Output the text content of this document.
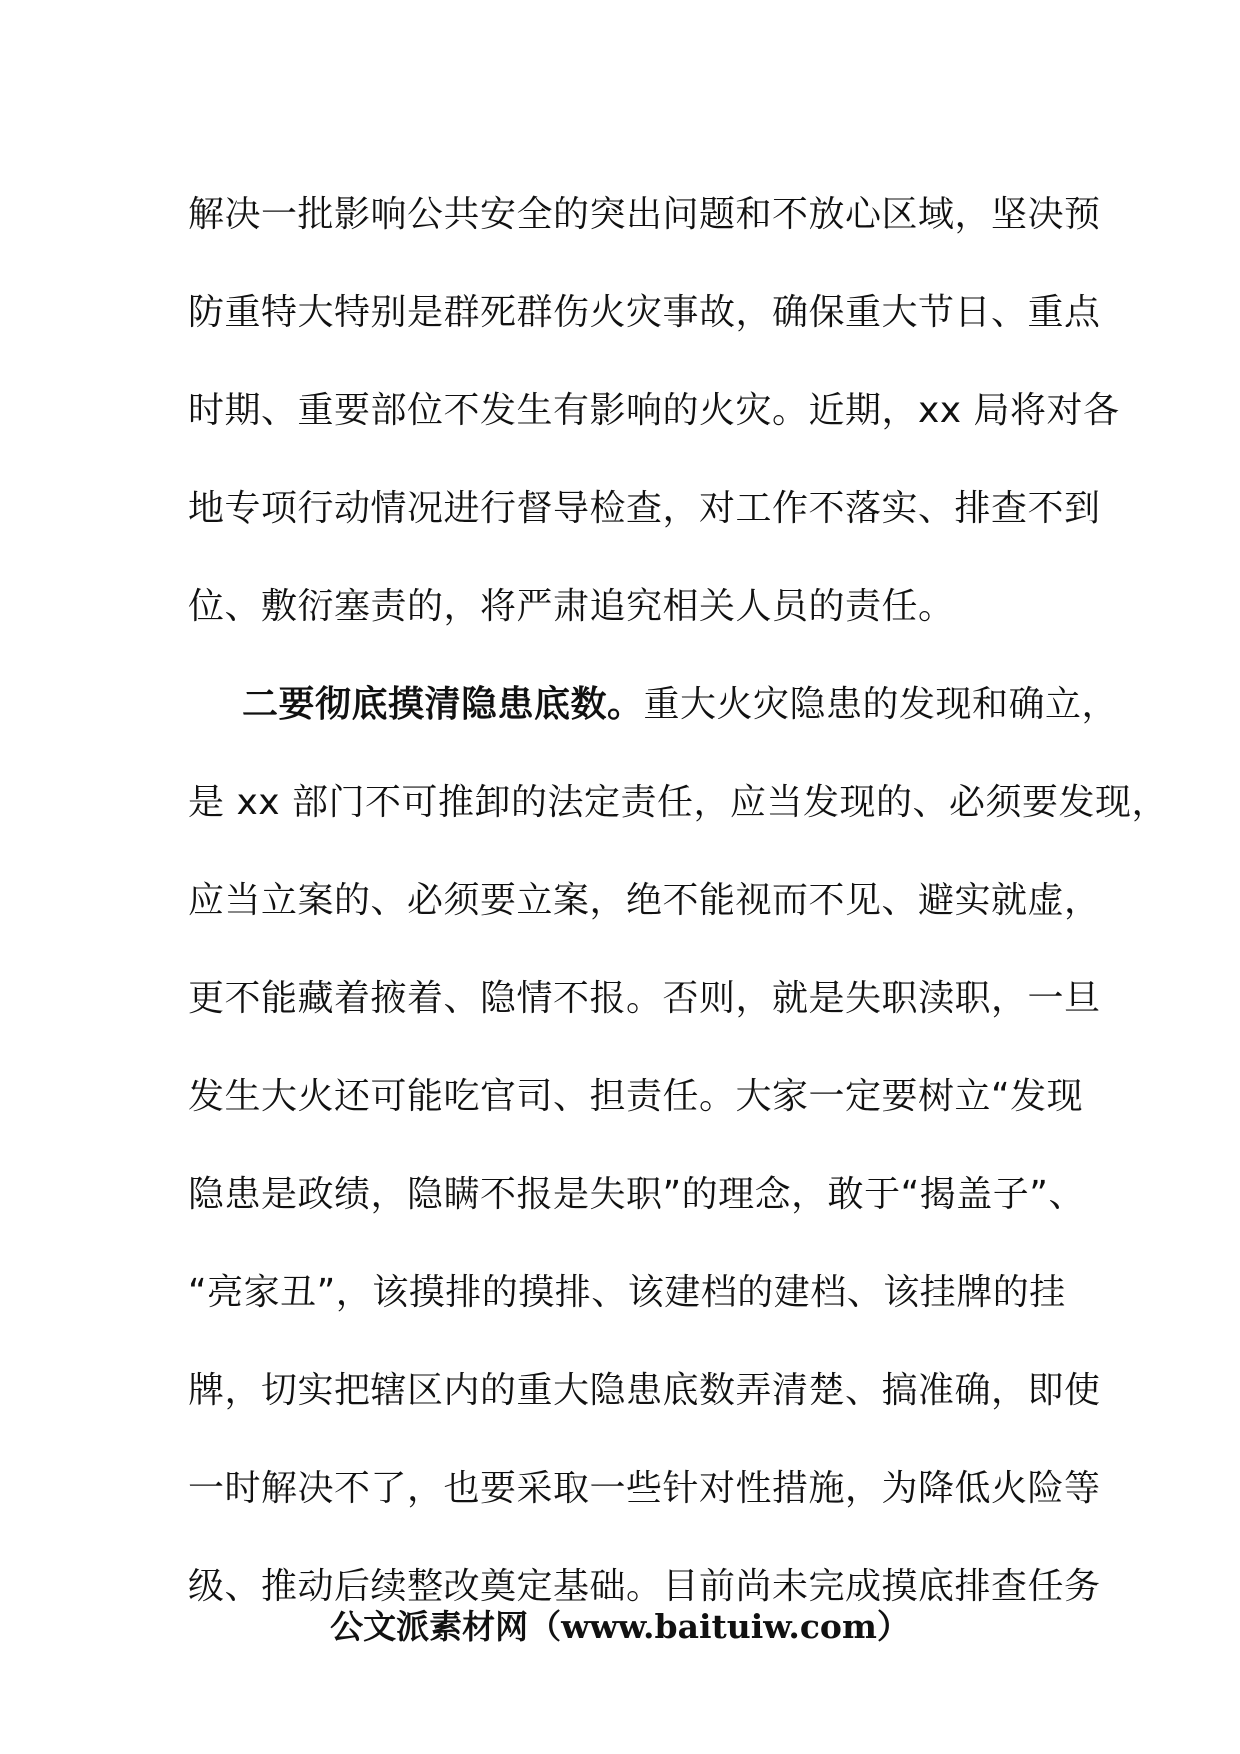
解决一批影响公共安全的突出问题和不放心区域，坚决预
防重特大特别是群死群伤火灾事故，确保重大节日、重点
时期、重要部位不发生有影响的火灾。近期，xx 局将对各
地专项行动情况进行督导检查，对工作不落实、排查不到
位、敷衍塞责的，将严肃追究相关人员的责任。
二要彻底摸清隐患底数。重大火灾隐患的发现和确立，
是 xx 部门不可推卸的法定责任，应当发现的、必须要发现，
应当立案的、必须要立案，绝不能视而不见、避实就虚，
更不能藏着掖着、隐情不报。否则，就是失职渎职，一旦
发生大火还可能吃官司、担责任。大家一定要树立“发现
隐患是政绩，隐瞒不报是失职”的理念，敢于“揭盖子”、
“亮家丑”，该摸排的摸排、该建档的建档、该挂牌的挂
牌，切实把辖区内的重大隐患底数弄清楚、搞准确，即使
一时解决不了，也要采取一些针对性措施，为降低火险等
级、推动后续整改奠定基础。目前尚未完成摸底排查任务
公文派素材网（www.baituiw.com）
